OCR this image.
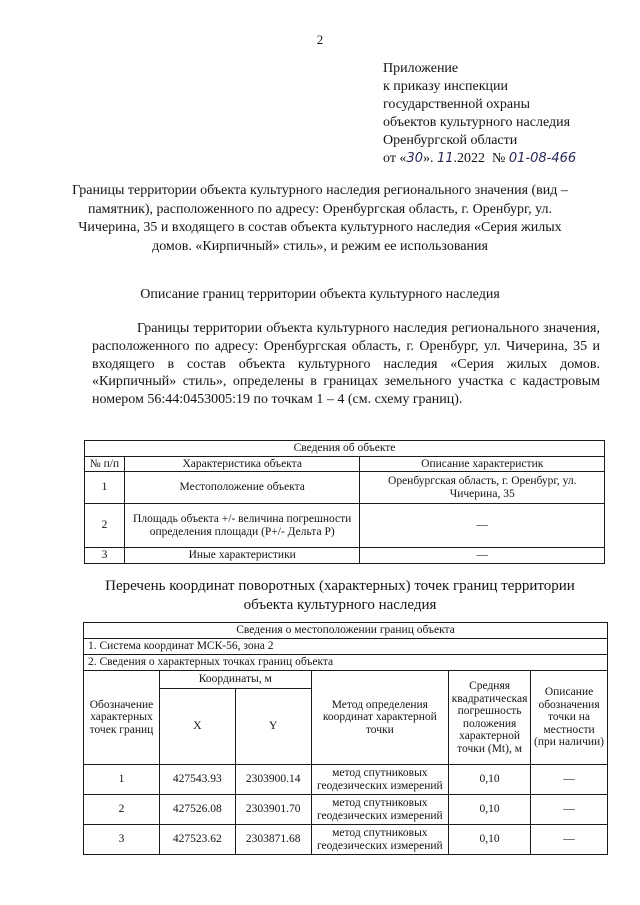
2
Приложение
к приказу инспекции
государственной охраны
объектов культурного наследия
Оренбургской области
от «30». 11.2022 № 01-08-466
Границы территории объекта культурного наследия регионального значения (вид – памятник), расположенного по адресу: Оренбургская область, г. Оренбург, ул. Чичерина, 35 и входящего в состав объекта культурного наследия «Серия жилых домов. «Кирпичный» стиль», и режим ее использования
Описание границ территории объекта культурного наследия
Границы территории объекта культурного наследия регионального значения, расположенного по адресу: Оренбургская область, г. Оренбург, ул. Чичерина, 35 и входящего в состав объекта культурного наследия «Серия жилых домов. «Кирпичный» стиль», определены в границах земельного участка с кадастровым номером 56:44:0453005:19 по точкам 1 – 4 (см. схему границ).
Сведения об объекте		
№ п/п	Характеристика объекта	Описание характеристик
1	Местоположение объекта	Оренбургская область, г. Оренбург, ул. Чичерина, 35
2	Площадь объекта +/- величина погрешности определения площади (P+/- Дельта P)	—
3	Иные характеристики	—
Перечень координат поворотных (характерных) точек границ территории объекта культурного наследия
Сведения о местоположении границ объекта					
1. Система координат МСК-56, зона 2					
2. Сведения о характерных точках границ объекта					
Обозначение характерных точек границ	Координаты, м		Метод определения координат характерной точки	Средняя квадратическая погрешность положения характерной точки (Mt), м	Описание обозначения точки на местности (при наличии)
	X	Y			
1	427543.93	2303900.14	метод спутниковых геодезических измерений	0,10	—
2	427526.08	2303901.70	метод спутниковых геодезических измерений	0,10	—
3	427523.62	2303871.68	метод спутниковых геодезических измерений	0,10	—
